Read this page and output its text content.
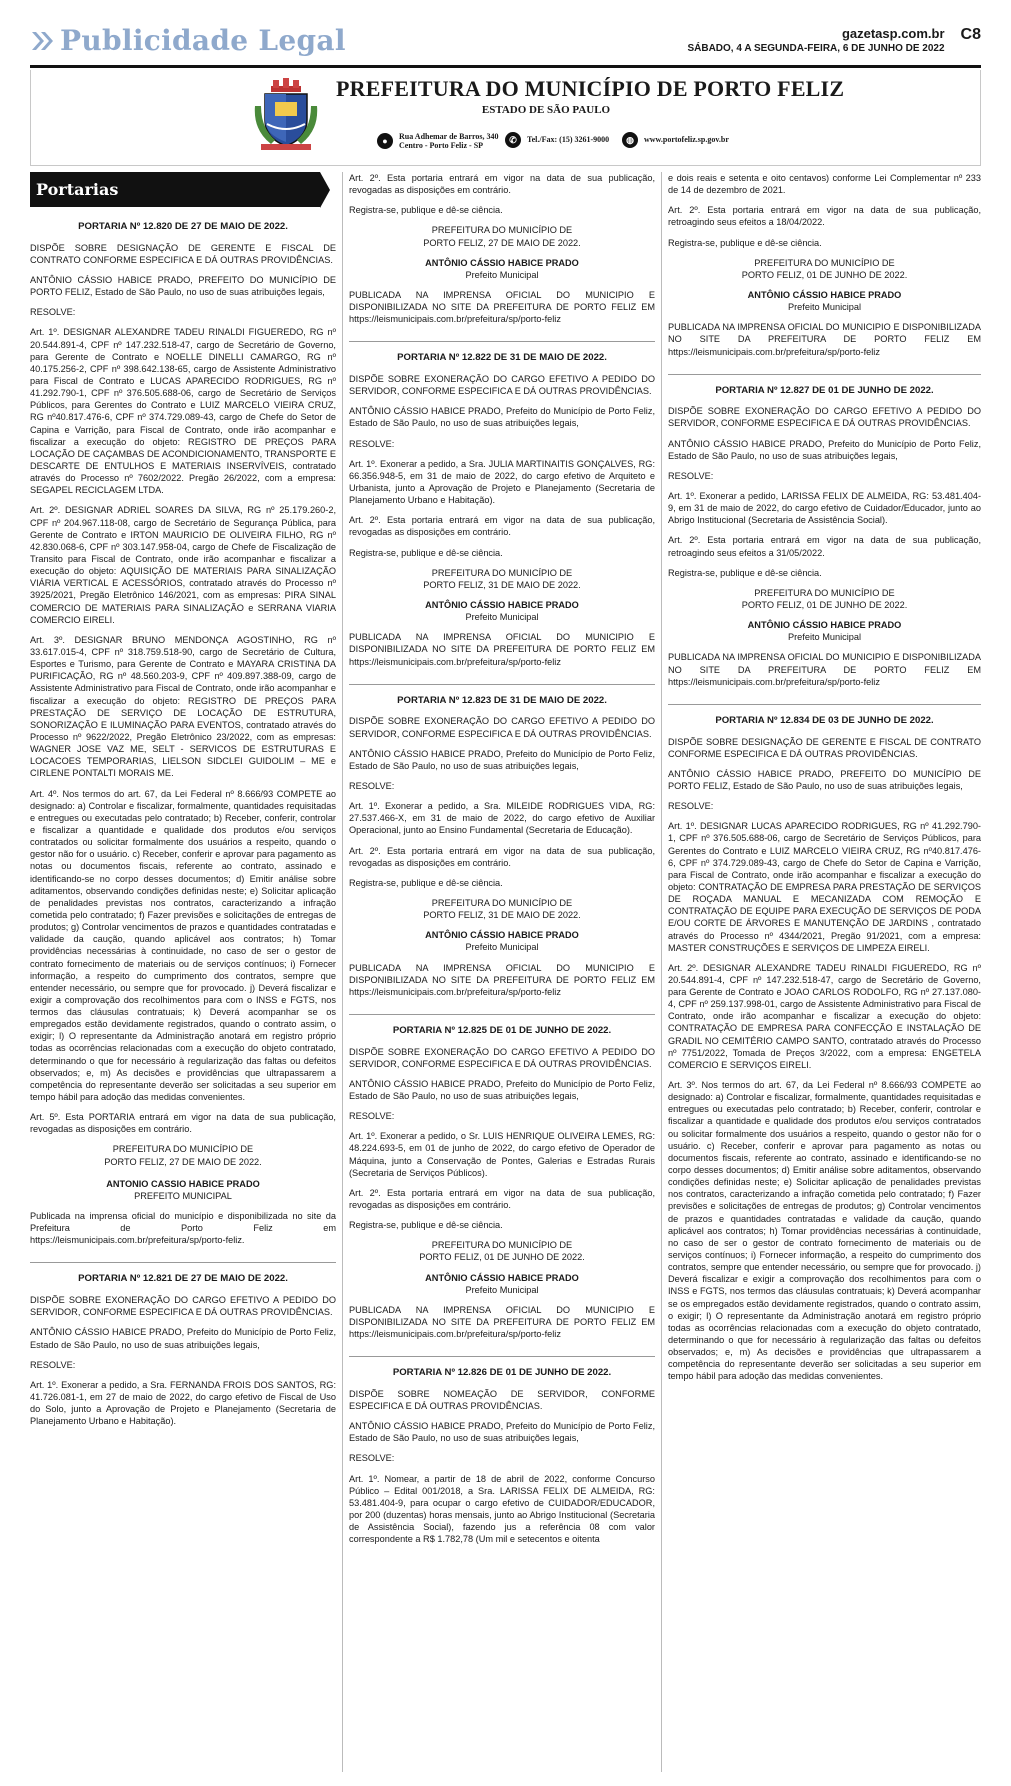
Publicidade Legal	gazetasp.com.br
SÁBADO, 4 A SEGUNDA-FEIRA, 6 DE JUNHO DE 2022
C8
PREFEITURA DO MUNICÍPIO DE PORTO FELIZ
ESTADO DE SÃO PAULO
●	Rua Adhemar de Barros, 340
Centro - Porto Feliz - SP
✆	Tel./Fax: (15) 3261-9000	◍	www.portofeliz.sp.gov.br
Portarias
PORTARIA Nº 12.820 DE 27 DE MAIO DE 2022.

DISPÕE SOBRE DESIGNAÇÃO DE GERENTE E FISCAL DE CONTRATO CONFORME ESPECIFICA E DÁ OUTRAS PROVIDÊNCIAS.

ANTÔNIO CÁSSIO HABICE PRADO, PREFEITO DO MUNICÍPIO DE PORTO FELIZ, Estado de São Paulo, no uso de suas atribuições legais,

RESOLVE:

Art. 1º. DESIGNAR ALEXANDRE TADEU RINALDI FIGUEREDO, RG nº 20.544.891-4, CPF nº 147.232.518-47, cargo de Secretário de Governo, para Gerente de Contrato e NOELLE DINELLI CAMARGO, RG nº 40.175.256-2, CPF nº 398.642.138-65, cargo de Assistente Administrativo para Fiscal de Contrato e LUCAS APARECIDO RODRIGUES, RG nº 41.292.790-1, CPF nº 376.505.688-06, cargo de Secretário de Serviços Públicos, para Gerentes do Contrato e LUIZ MARCELO VIEIRA CRUZ, RG nº40.817.476-6, CPF nº 374.729.089-43, cargo de Chefe do Setor de Capina e Varrição, para Fiscal de Contrato, onde irão acompanhar e fiscalizar a execução do objeto: REGISTRO DE PREÇOS PARA LOCAÇÃO DE CAÇAMBAS DE ACONDICIONAMENTO, TRANSPORTE E DESCARTE DE ENTULHOS E MATERIAIS INSERVÍVEIS, contratado através do Processo nº 7602/2022. Pregão 26/2022, com a empresa: SEGAPEL RECICLAGEM LTDA.

Art. 2º. DESIGNAR ADRIEL SOARES DA SILVA, RG nº 25.179.260-2, CPF nº 204.967.118-08, cargo de Secretário de Segurança Pública, para Gerente de Contrato e IRTON MAURICIO DE OLIVEIRA FILHO, RG nº 42.830.068-6, CPF nº 303.147.958-04, cargo de Chefe de Fiscalização de Transito para Fiscal de Contrato, onde irão acompanhar e fiscalizar a execução do objeto: AQUISIÇÃO DE MATERIAIS PARA SINALIZAÇÃO VIÁRIA VERTICAL E ACESSÓRIOS, contratado através do Processo nº 3925/2021, Pregão Eletrônico 146/2021, com as empresas: PIRA SINAL COMERCIO DE MATERIAIS PARA SINALIZAÇÃO e SERRANA VIARIA COMERCIO EIRELI.

Art. 3º. DESIGNAR BRUNO MENDONÇA AGOSTINHO, RG nº 33.617.015-4, CPF nº 318.759.518-90, cargo de Secretário de Cultura, Esportes e Turismo, para Gerente de Contrato e MAYARA CRISTINA DA PURIFICAÇÃO, RG nº 48.560.203-9, CPF nº 409.897.388-09, cargo de Assistente Administrativo para Fiscal de Contrato, onde irão acompanhar e fiscalizar a execução do objeto: REGISTRO DE PREÇOS PARA PRESTAÇÃO DE SERVIÇO DE LOCAÇÃO DE ESTRUTURA, SONORIZAÇÃO E ILUMINAÇÃO PARA EVENTOS, contratado através do Processo nº 9622/2022, Pregão Eletrônico 23/2022, com as empresas: WAGNER JOSE VAZ ME, SELT - SERVICOS DE ESTRUTURAS E LOCACOES TEMPORARIAS, LIELSON SIDCLEI GUIDOLIM – ME e CIRLENE PONTALTI MORAIS ME.

Art. 4º. Nos termos do art. 67, da Lei Federal nº 8.666/93 COMPETE ao designado: a) Controlar e fiscalizar, formalmente, quantidades requisitadas e entregues ou executadas pelo contratado; b) Receber, conferir, controlar e fiscalizar a quantidade e qualidade dos produtos e/ou serviços contratados ou solicitar formalmente dos usuários a respeito, quando o gestor não for o usuário. c) Receber, conferir e aprovar para pagamento as notas ou documentos fiscais, referente ao contrato, assinado e identificando-se no corpo desses documentos; d) Emitir análise sobre aditamentos, observando condições definidas neste; e) Solicitar aplicação de penalidades previstas nos contratos, caracterizando a infração cometida pelo contratado; f) Fazer previsões e solicitações de entregas de produtos; g) Controlar vencimentos de prazos e quantidades contratadas e validade da caução, quando aplicável aos contratos; h) Tomar providências necessárias à continuidade, no caso de ser o gestor de contrato fornecimento de materiais ou de serviços contínuos; i) Fornecer informação, a respeito do cumprimento dos contratos, sempre que entender necessário, ou sempre que for provocado. j) Deverá fiscalizar e exigir a comprovação dos recolhimentos para com o INSS e FGTS, nos termos das cláusulas contratuais; k) Deverá acompanhar se os empregados estão devidamente registrados, quando o contrato assim, o exigir; l) O representante da Administração anotará em registro próprio todas as ocorrências relacionadas com a execução do objeto contratado, determinando o que for necessário à regularização das faltas ou defeitos observados; e, m) As decisões e providências que ultrapassarem a competência do representante deverão ser solicitadas a seu superior em tempo hábil para adoção das medidas convenientes.

Art. 5º. Esta PORTARIA entrará em vigor na data de sua publicação, revogadas as disposições em contrário.

PREFEITURA DO MUNICÍPIO DE
PORTO FELIZ, 27 DE MAIO DE 2022.
ANTONIO CASSIO HABICE PRADO
PREFEITO MUNICIPAL

Publicada na imprensa oficial do município e disponibilizada no site da Prefeitura de Porto Feliz em https://leismunicipais.com.br/prefeitura/sp/porto-feliz.

PORTARIA Nº 12.821 DE 27 DE MAIO DE 2022.

DISPÕE SOBRE EXONERAÇÃO DO CARGO EFETIVO A PEDIDO DO SERVIDOR, CONFORME ESPECIFICA E DÁ OUTRAS PROVIDÊNCIAS.

ANTÔNIO CÁSSIO HABICE PRADO, Prefeito do Município de Porto Feliz, Estado de São Paulo, no uso de suas atribuições legais,

RESOLVE:

Art. 1º. Exonerar a pedido, a Sra. FERNANDA FROIS DOS SANTOS, RG: 41.726.081-1, em 27 de maio de 2022, do cargo efetivo de Fiscal de Uso do Solo, junto a Aprovação de Projeto e Planejamento (Secretaria de Planejamento Urbano e Habitação).

Art. 2º. Esta portaria entrará em vigor na data de sua publicação, revogadas as disposições em contrário.

Registra-se, publique e dê-se ciência.

PREFEITURA DO MUNICÍPIO DE
PORTO FELIZ, 27 DE MAIO DE 2022.
ANTÔNIO CÁSSIO HABICE PRADO
Prefeito Municipal

PUBLICADA NA IMPRENSA OFICIAL DO MUNICIPIO E DISPONIBILIZADA NO SITE DA PREFEITURA DE PORTO FELIZ EM https://leismunicipais.com.br/prefeitura/sp/porto-feliz

PORTARIA Nº 12.822 DE 31 DE MAIO DE 2022.

DISPÕE SOBRE EXONERAÇÃO DO CARGO EFETIVO A PEDIDO DO SERVIDOR, CONFORME ESPECIFICA E DÁ OUTRAS PROVIDÊNCIAS.

ANTÔNIO CÁSSIO HABICE PRADO, Prefeito do Município de Porto Feliz, Estado de São Paulo, no uso de suas atribuições legais,

RESOLVE:

Art. 1º. Exonerar a pedido, a Sra. JULIA MARTINAITIS GONÇALVES, RG: 66.356.948-5, em 31 de maio de 2022, do cargo efetivo de Arquiteto e Urbanista, junto a Aprovação de Projeto e Planejamento (Secretaria de Planejamento Urbano e Habitação).

Art. 2º. Esta portaria entrará em vigor na data de sua publicação, revogadas as disposições em contrário.

Registra-se, publique e dê-se ciência.

PREFEITURA DO MUNICÍPIO DE
PORTO FELIZ, 31 DE MAIO DE 2022.
ANTÔNIO CÁSSIO HABICE PRADO
Prefeito Municipal

PUBLICADA NA IMPRENSA OFICIAL DO MUNICIPIO E DISPONIBILIZADA NO SITE DA PREFEITURA DE PORTO FELIZ EM https://leismunicipais.com.br/prefeitura/sp/porto-feliz

PORTARIA Nº 12.823 DE 31 DE MAIO DE 2022.

DISPÕE SOBRE EXONERAÇÃO DO CARGO EFETIVO A PEDIDO DO SERVIDOR, CONFORME ESPECIFICA E DÁ OUTRAS PROVIDÊNCIAS.

ANTÔNIO CÁSSIO HABICE PRADO, Prefeito do Município de Porto Feliz, Estado de São Paulo, no uso de suas atribuições legais,

RESOLVE:

Art. 1º. Exonerar a pedido, a Sra. MILEIDE RODRIGUES VIDA, RG: 27.537.466-X, em 31 de maio de 2022, do cargo efetivo de Auxiliar Operacional, junto ao Ensino Fundamental (Secretaria de Educação).

Art. 2º. Esta portaria entrará em vigor na data de sua publicação, revogadas as disposições em contrário.

Registra-se, publique e dê-se ciência.

PREFEITURA DO MUNICÍPIO DE
PORTO FELIZ, 31 DE MAIO DE 2022.
ANTÔNIO CÁSSIO HABICE PRADO
Prefeito Municipal

PUBLICADA NA IMPRENSA OFICIAL DO MUNICIPIO E DISPONIBILIZADA NO SITE DA PREFEITURA DE PORTO FELIZ EM https://leismunicipais.com.br/prefeitura/sp/porto-feliz

PORTARIA Nº 12.825 DE 01 DE JUNHO DE 2022.

DISPÕE SOBRE EXONERAÇÃO DO CARGO EFETIVO A PEDIDO DO SERVIDOR, CONFORME ESPECIFICA E DÁ OUTRAS PROVIDÊNCIAS.

ANTÔNIO CÁSSIO HABICE PRADO, Prefeito do Município de Porto Feliz, Estado de São Paulo, no uso de suas atribuições legais,

RESOLVE:

Art. 1º. Exonerar a pedido, o Sr. LUIS HENRIQUE OLIVEIRA LEMES, RG: 48.224.693-5, em 01 de junho de 2022, do cargo efetivo de Operador de Máquina, junto a Conservação de Pontes, Galerias e Estradas Rurais (Secretaria de Serviços Públicos).

Art. 2º. Esta portaria entrará em vigor na data de sua publicação, revogadas as disposições em contrário.

Registra-se, publique e dê-se ciência.

PREFEITURA DO MUNICÍPIO DE
PORTO FELIZ, 01 DE JUNHO DE 2022.
ANTÔNIO CÁSSIO HABICE PRADO
Prefeito Municipal

PUBLICADA NA IMPRENSA OFICIAL DO MUNICIPIO E DISPONIBILIZADA NO SITE DA PREFEITURA DE PORTO FELIZ EM https://leismunicipais.com.br/prefeitura/sp/porto-feliz

PORTARIA Nº 12.826 DE 01 DE JUNHO DE 2022.

DISPÕE SOBRE NOMEAÇÃO DE SERVIDOR, CONFORME ESPECIFICA E DÁ OUTRAS PROVIDÊNCIAS.

ANTÔNIO CÁSSIO HABICE PRADO, Prefeito do Município de Porto Feliz, Estado de São Paulo, no uso de suas atribuições legais,

RESOLVE:

Art. 1º. Nomear, a partir de 18 de abril de 2022, conforme Concurso Público – Edital 001/2018, a Sra. LARISSA FELIX DE ALMEIDA, RG: 53.481.404-9, para ocupar o cargo efetivo de CUIDADOR/EDUCADOR, por 200 (duzentas) horas mensais, junto ao Abrigo Institucional (Secretaria de Assistência Social), fazendo jus a referência 08 com valor correspondente a R$ 1.782,78 (Um mil e setecentos e oitenta

e dois reais e setenta e oito centavos) conforme Lei Complementar nº 233 de 14 de dezembro de 2021.

Art. 2º. Esta portaria entrará em vigor na data de sua publicação, retroagindo seus efeitos a 18/04/2022.

Registra-se, publique e dê-se ciência.

PREFEITURA DO MUNICÍPIO DE
PORTO FELIZ, 01 DE JUNHO DE 2022.
ANTÔNIO CÁSSIO HABICE PRADO
Prefeito Municipal

PUBLICADA NA IMPRENSA OFICIAL DO MUNICIPIO E DISPONIBILIZADA NO SITE DA PREFEITURA DE PORTO FELIZ EM https://leismunicipais.com.br/prefeitura/sp/porto-feliz

PORTARIA Nº 12.827 DE 01 DE JUNHO DE 2022.

DISPÕE SOBRE EXONERAÇÃO DO CARGO EFETIVO A PEDIDO DO SERVIDOR, CONFORME ESPECIFICA E DÁ OUTRAS PROVIDÊNCIAS.

ANTÔNIO CÁSSIO HABICE PRADO, Prefeito do Município de Porto Feliz, Estado de São Paulo, no uso de suas atribuições legais,

RESOLVE:

Art. 1º. Exonerar a pedido, LARISSA FELIX DE ALMEIDA, RG: 53.481.404-9, em 31 de maio de 2022, do cargo efetivo de Cuidador/Educador, junto ao Abrigo Institucional (Secretaria de Assistência Social).

Art. 2º. Esta portaria entrará em vigor na data de sua publicação, retroagindo seus efeitos a 31/05/2022.

Registra-se, publique e dê-se ciência.

PREFEITURA DO MUNICÍPIO DE
PORTO FELIZ, 01 DE JUNHO DE 2022.
ANTÔNIO CÁSSIO HABICE PRADO
Prefeito Municipal

PUBLICADA NA IMPRENSA OFICIAL DO MUNICIPIO E DISPONIBILIZADA NO SITE DA PREFEITURA DE PORTO FELIZ EM https://leismunicipais.com.br/prefeitura/sp/porto-feliz

PORTARIA Nº 12.834 DE 03 DE JUNHO DE 2022.

DISPÕE SOBRE DESIGNAÇÃO DE GERENTE E FISCAL DE CONTRATO CONFORME ESPECIFICA E DÁ OUTRAS PROVIDÊNCIAS.

ANTÔNIO CÁSSIO HABICE PRADO, PREFEITO DO MUNICÍPIO DE PORTO FELIZ, Estado de São Paulo, no uso de suas atribuições legais,

RESOLVE:

Art. 1º. DESIGNAR LUCAS APARECIDO RODRIGUES, RG nº 41.292.790-1, CPF nº 376.505.688-06, cargo de Secretário de Serviços Públicos, para Gerentes do Contrato e LUIZ MARCELO VIEIRA CRUZ, RG nº40.817.476-6, CPF nº 374.729.089-43, cargo de Chefe do Setor de Capina e Varrição, para Fiscal de Contrato, onde irão acompanhar e fiscalizar a execução do objeto: CONTRATAÇÃO DE EMPRESA PARA PRESTAÇÃO DE SERVIÇOS DE ROÇADA MANUAL E MECANIZADA COM REMOÇÃO E CONTRATAÇÃO DE EQUIPE PARA EXECUÇÃO DE SERVIÇOS DE PODA E/OU CORTE DE ÁRVORES E MANUTENÇÃO DE JARDINS , contratado através do Processo nº 4344/2021, Pregão 91/2021, com a empresa: MASTER CONSTRUÇÕES E SERVIÇOS DE LIMPEZA EIRELI.

Art. 2º. DESIGNAR ALEXANDRE TADEU RINALDI FIGUEREDO, RG nº 20.544.891-4, CPF nº 147.232.518-47, cargo de Secretário de Governo, para Gerente de Contrato e JOAO CARLOS RODOLFO, RG nº 27.137.080-4, CPF nº 259.137.998-01, cargo de Assistente Administrativo para Fiscal de Contrato, onde irão acompanhar e fiscalizar a execução do objeto: CONTRATAÇÃO DE EMPRESA PARA CONFECÇÃO E INSTALAÇÃO DE GRADIL NO CEMITÉRIO CAMPO SANTO, contratado através do Processo nº 7751/2022, Tomada de Preços 3/2022, com a empresa: ENGETELA COMERCIO E SERVIÇOS EIRELI.

Art. 3º. Nos termos do art. 67, da Lei Federal nº 8.666/93 COMPETE ao designado: a) Controlar e fiscalizar, formalmente, quantidades requisitadas e entregues ou executadas pelo contratado; b) Receber, conferir, controlar e fiscalizar a quantidade e qualidade dos produtos e/ou serviços contratados ou solicitar formalmente dos usuários a respeito, quando o gestor não for o usuário. c) Receber, conferir e aprovar para pagamento as notas ou documentos fiscais, referente ao contrato, assinado e identificando-se no corpo desses documentos; d) Emitir análise sobre aditamentos, observando condições definidas neste; e) Solicitar aplicação de penalidades previstas nos contratos, caracterizando a infração cometida pelo contratado; f) Fazer previsões e solicitações de entregas de produtos; g) Controlar vencimentos de prazos e quantidades contratadas e validade da caução, quando aplicável aos contratos; h) Tomar providências necessárias à continuidade, no caso de ser o gestor de contrato fornecimento de materiais ou de serviços contínuos; i) Fornecer informação, a respeito do cumprimento dos contratos, sempre que entender necessário, ou sempre que for provocado. j) Deverá fiscalizar e exigir a comprovação dos recolhimentos para com o INSS e FGTS, nos termos das cláusulas contratuais; k) Deverá acompanhar se os empregados estão devidamente registrados, quando o contrato assim, o exigir; l) O representante da Administração anotará em registro próprio todas as ocorrências relacionadas com a execução do objeto contratado, determinando o que for necessário à regularização das faltas ou defeitos observados; e, m) As decisões e providências que ultrapassarem a competência do representante deverão ser solicitadas a seu superior em tempo hábil para adoção das medidas convenientes.
